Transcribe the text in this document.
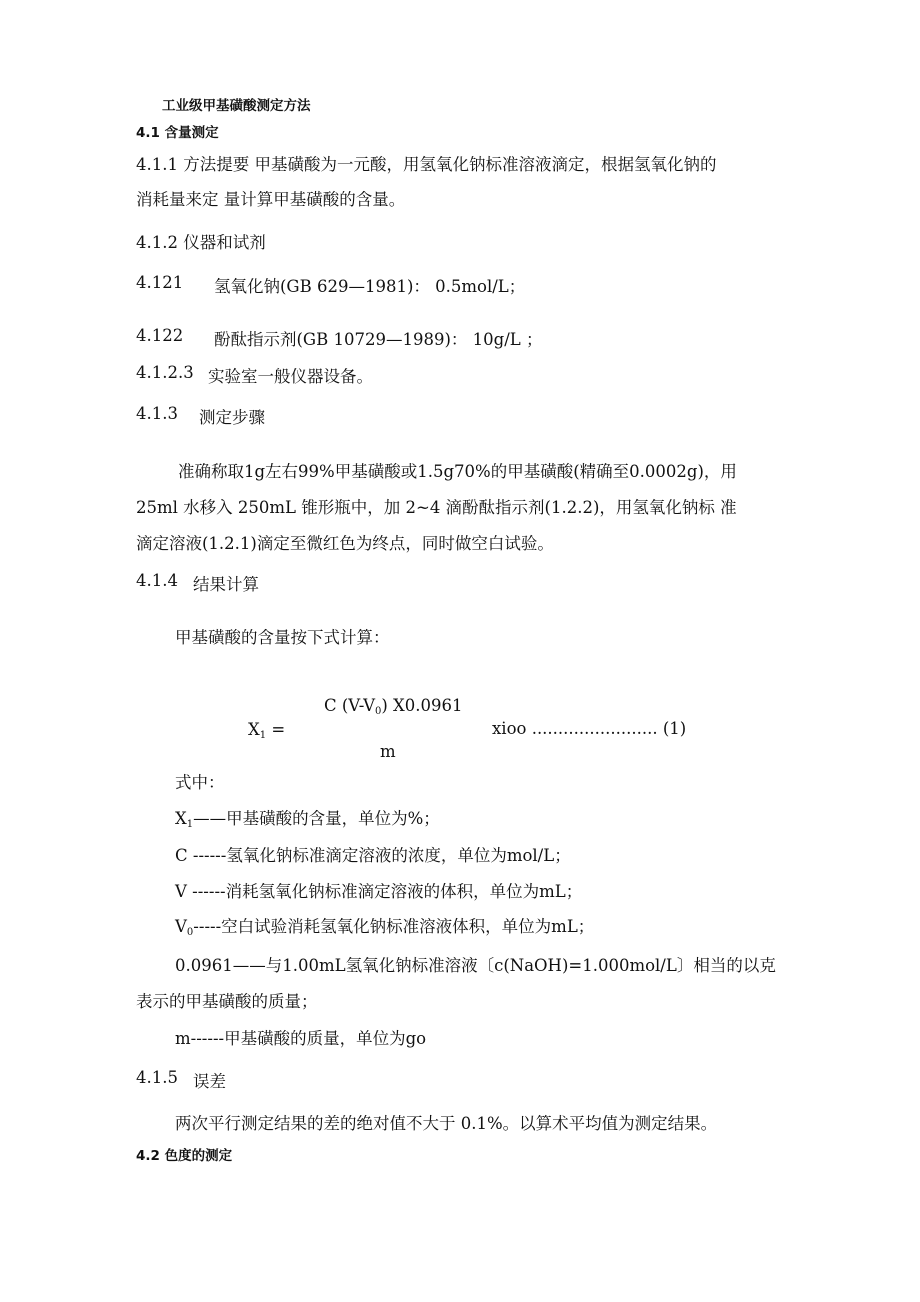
工业级甲基磺酸测定方法
4.1 含量测定
4.1.1 方法提要 甲基磺酸为一元酸，用氢氧化钠标准溶液滴定，根据氢氧化钠的
消耗量来定 量计算甲基磺酸的含量。
4.1.2 仪器和试剂
4.121 氢氧化钠(GB 629—1981)： 0.5mol/L；
4.122 酚酞指示剂(GB 10729—1989)： 10g/L ；
4.1.2.3 实验室一般仪器设备。
4.1.3 测定步骤
准确称取1g左右99%甲基磺酸或1.5g70%的甲基磺酸(精确至0.0002g)，用
25ml 水移入 250mL 锥形瓶中，加 2~4 滴酚酞指示剂(1.2.2)，用氢氧化钠标 准
滴定溶液(1.2.1)滴定至微红色为终点，同时做空白试验。
4.1.4 结果计算
甲基磺酸的含量按下式计算：
C $(V-V_0)$ X0.0961
$X_1$ =
m
xioo ........................ (1)
式中：
$X_1——$甲基磺酸的含量，单位为%；
C ------氢氧化钠标准滴定溶液的浓度，单位为mol/L；
V ------消耗氢氧化钠标准滴定溶液的体积，单位为mL；
$V_0-----$空白试验消耗氢氧化钠标准溶液体积，单位为mL；
0.0961——与1.00mL氢氧化钠标准溶液〔c(NaOH)=1.000mol/L〕相当的以克
表示的甲基磺酸的质量；
m------甲基磺酸的质量，单位为go
4.1.5 误差
两次平行测定结果的差的绝对值不大于 0.1%。以算术平均值为测定结果。
4.2 色度的测定
